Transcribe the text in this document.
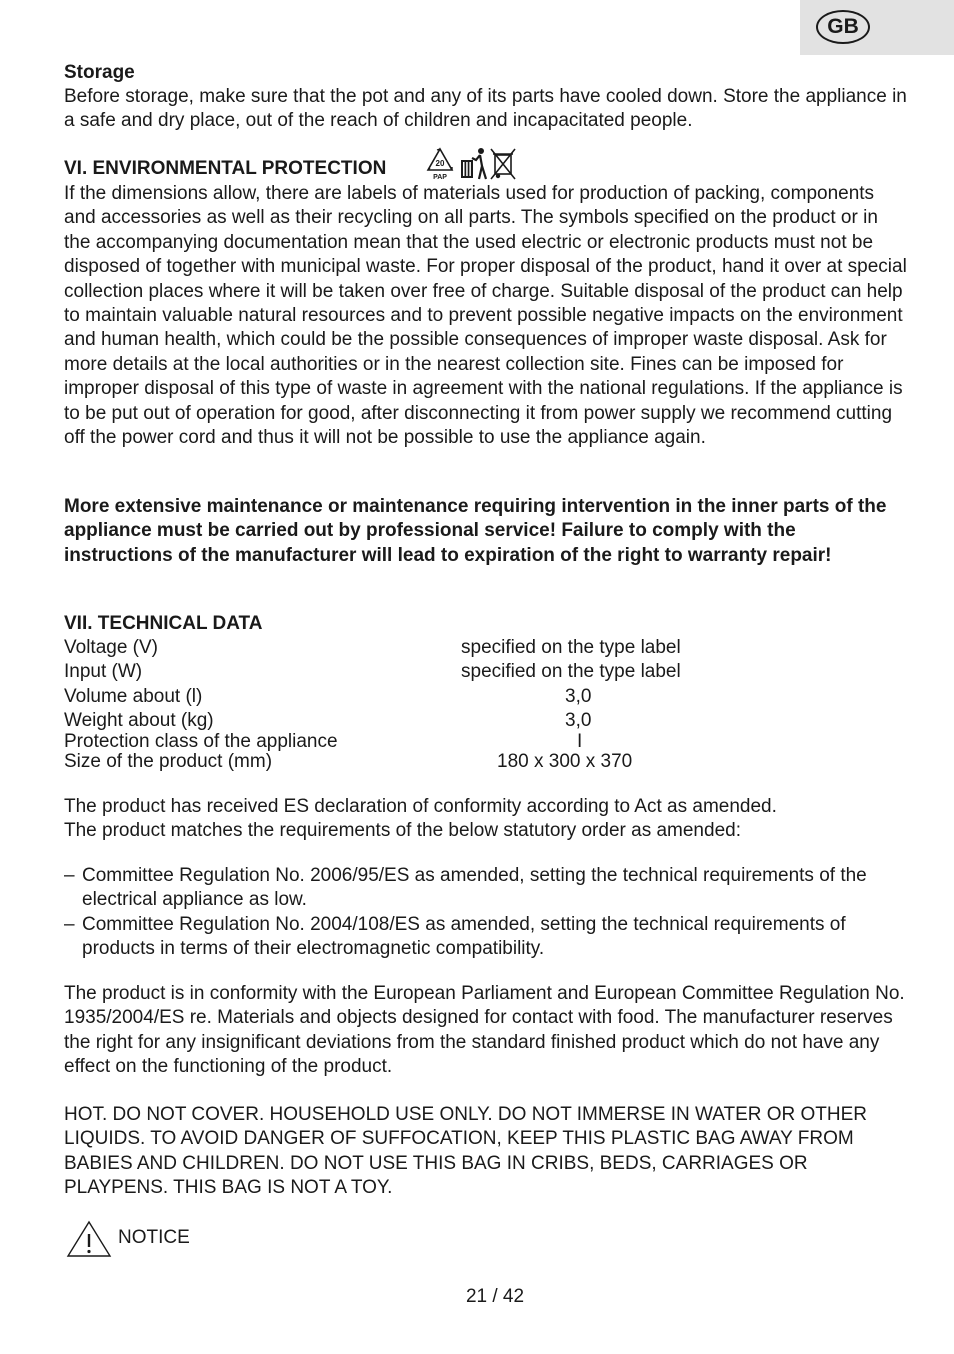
GB
Storage
Before storage, make sure that the pot and any of its parts have cooled down. Store the appliance in a safe and dry place, out of the reach of children and incapacitated people.
VI. ENVIRONMENTAL PROTECTION	20
PAP
If the dimensions allow, there are labels of materials used for production of packing, components and accessories as well as their recycling on all parts. The symbols specified on the product or in the accompanying documentation mean that the used electric or electronic products must not be disposed of together with municipal waste. For proper disposal of the product, hand it over at special collection places where it will be taken over free of charge. Suitable disposal of the product can help to maintain valuable natural resources and to prevent possible negative impacts on the environment and human health, which could be the possible consequences of improper waste disposal. Ask for more details at the local authorities or in the nearest collection site. Fines can be imposed for improper disposal of this type of waste in agreement with the national regulations. If the appliance is to be put out of operation for good, after disconnecting it from power supply we recommend cutting off the power cord and thus it will not be possible to use the appliance again.
More extensive maintenance or maintenance requiring intervention in the inner parts of the appliance must be carried out by professional service! Failure to comply with the instructions of the manufacturer will lead to expiration of the right to warranty repair!
VII. TECHNICAL DATA
Voltage (V)	specified on the type label
Input (W)	specified on the type label
Volume about (l)	3,0
Weight about (kg)	3,0
Protection class of the appliance	I
Size of the product (mm)	180 x 300 x 370
The product has received ES declaration of conformity according to Act as amended.
The product matches the requirements of the below statutory order as amended:
– Committee Regulation No. 2006/95/ES as amended, setting the technical requirements of the electrical appliance as low.
– Committee Regulation No. 2004/108/ES as amended, setting the technical requirements of products in terms of their electromagnetic compatibility.
The product is in conformity with the European Parliament and European Committee Regulation No. 1935/2004/ES re. Materials and objects designed for contact with food. The manufacturer reserves the right for any insignificant deviations from the standard finished product which do not have any effect on the functioning of the product.
HOT. DO NOT COVER. HOUSEHOLD USE ONLY. DO NOT IMMERSE IN WATER OR OTHER LIQUIDS. TO AVOID DANGER OF SUFFOCATION, KEEP THIS PLASTIC BAG AWAY FROM BABIES AND CHILDREN. DO NOT USE THIS BAG IN CRIBS, BEDS, CARRIAGES OR PLAYPENS. THIS BAG IS NOT A TOY.
NOTICE
21 / 42
